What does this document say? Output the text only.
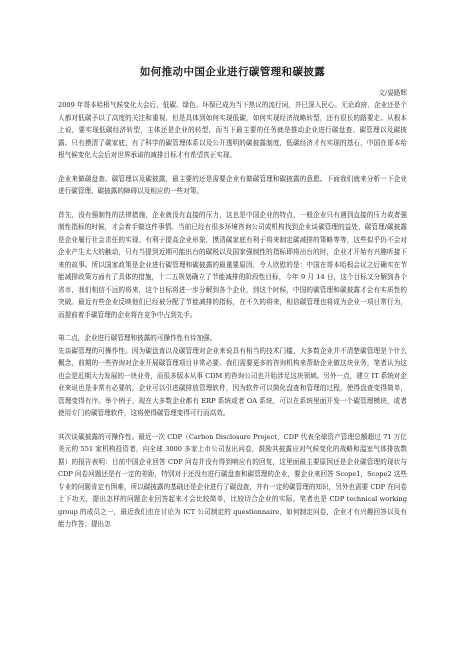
如何推动中国企业进行碳管理和碳披露

文/晏路辉

2009 年哥本哈根气候变化大会后，低碳、绿色、环保已成为当下热议的流行词，并已深入民心。无论政府、企业还是个人都对低碳予以了高度的关注和重视，但是具体到如何实现低碳，如何实现经济战略转型，还有很长的路要走。从根本上说，要实现低碳经济转型，主体还是企业的转型，而当下最主要的任务就是推动企业进行碳盘查、碳管理以及碳披露。只有摸清了碳家底，有了科学的碳管理体系以及公开透明的碳披露制度，低碳经济才有实现的基石，中国在哥本哈根气候变化大会后对世界承诺的减排目标才有希望真正实现。

企业来做碳盘查、碳管理以及碳披露，最主要的还是需要企业有做碳管理和碳披露的意愿。下面我们就来分析一下企业进行碳管理、碳披露的障碍以及相应的一些对策。

首先，没有强制性的法律措施，企业就没有直接的压力，这也是中国企业的特点，一般企业只有遇到直接的压力或者强制性指标的时候，才会着手做这件事情。当前已经有很多环境咨询公司或机构找到企业谈碳管理的益处，碳管理/碳披露是企业履行社会责任的实现、有利于提高企业形象，摸清碳家底有利于将来制定碳减排的策略等等，这些似乎仍不会对企业产生太大的触动，只有当提到近期可能出台的碳税以及国家强制性的指标即将出台的时，企业才开始有兴趣听接下来的故事。所以国家政策是企业进行碳管理和碳披露的最重要原因，令人欣慰的是：中国在哥本哈根会议之后确实在节能减排政策方面有了具体的措施，十二五规划确立了节能减排的阶段性目标，今年 9 月 14 日，这个目标又分解到各个省市，我们相信不远的将来，这个目标将进一步分解到各个企业，到这个时候，中国的碳管理和碳披露才会有实质性的突破。最近有些企业反映他们已经被分配了节能减排的指标，在不久的将来，相信碳管理也将成为企业一项日常行为，而提前着手碳管理的企业将在竞争中占到先手。

第二点，企业进行碳管理和披露的可操作性有待加强。

先谈碳管理的可操作性。因为碳盘查以及碳管理对企业来说具有相当的技术门槛，大多数企业并不清楚碳管理是个什么概念，前期的一些咨询对企业开展碳管理项目非常必要。我们需要更多的咨询机构来帮助企业做这块业务，笔者认为这也会是近期大力发展的一块业务，而很多版本从事 CDM 的咨询公司也开始涉足这块领域。另外一点，建立 IT 系统对企业来说也是非常有必要的，企业可以引进碳排放管理软件，因为软件可以简化盘查和管理的过程，使得盘查变得简单，管理变得有序。举个例子，现在大多数企业都有 ERP 系统或者 OA 系统，可以在系统里面开发一个碳管理模块，或者使用专门的碳管理软件，这将使得碳管理变得可行而高效。

其次谈碳披露的可操作性。最近一次 CDP（Carbon Disclosure Project，CDP 代表全球资产管理总额超过 71 万亿美元的 551 家机构投资者，向全球 3000 多家上市公司发出问卷，鼓励其披露应对气候变化的战略和温室气体排放数据）的报告表明：目前中国企业回答 CDP 问卷并没有得到响应有的回复，这里面最主要原因还是企业碳管理的现状与 CDP 问卷问题还是有一定的差距，特别对于还没有进行碳盘查和碳管理的企业，要企业来回答 Scope1，Scope2 这些专业的问题肯定有困难，所以碳披露的基础还是企业进行了碳盘查，并有一定的碳管理的知识，另外也需要 CDP 在问卷上下功夫，提出怎样的问题企业回答起来才会比较简单，比较切合企业的实际。笔者也是 CDP technical working group 的成员之一，最近我们也在讨论为 ICT 公司制定的 questionnaire，如何制定问卷，企业才有兴趣回答以及有能力作答；提出怎
